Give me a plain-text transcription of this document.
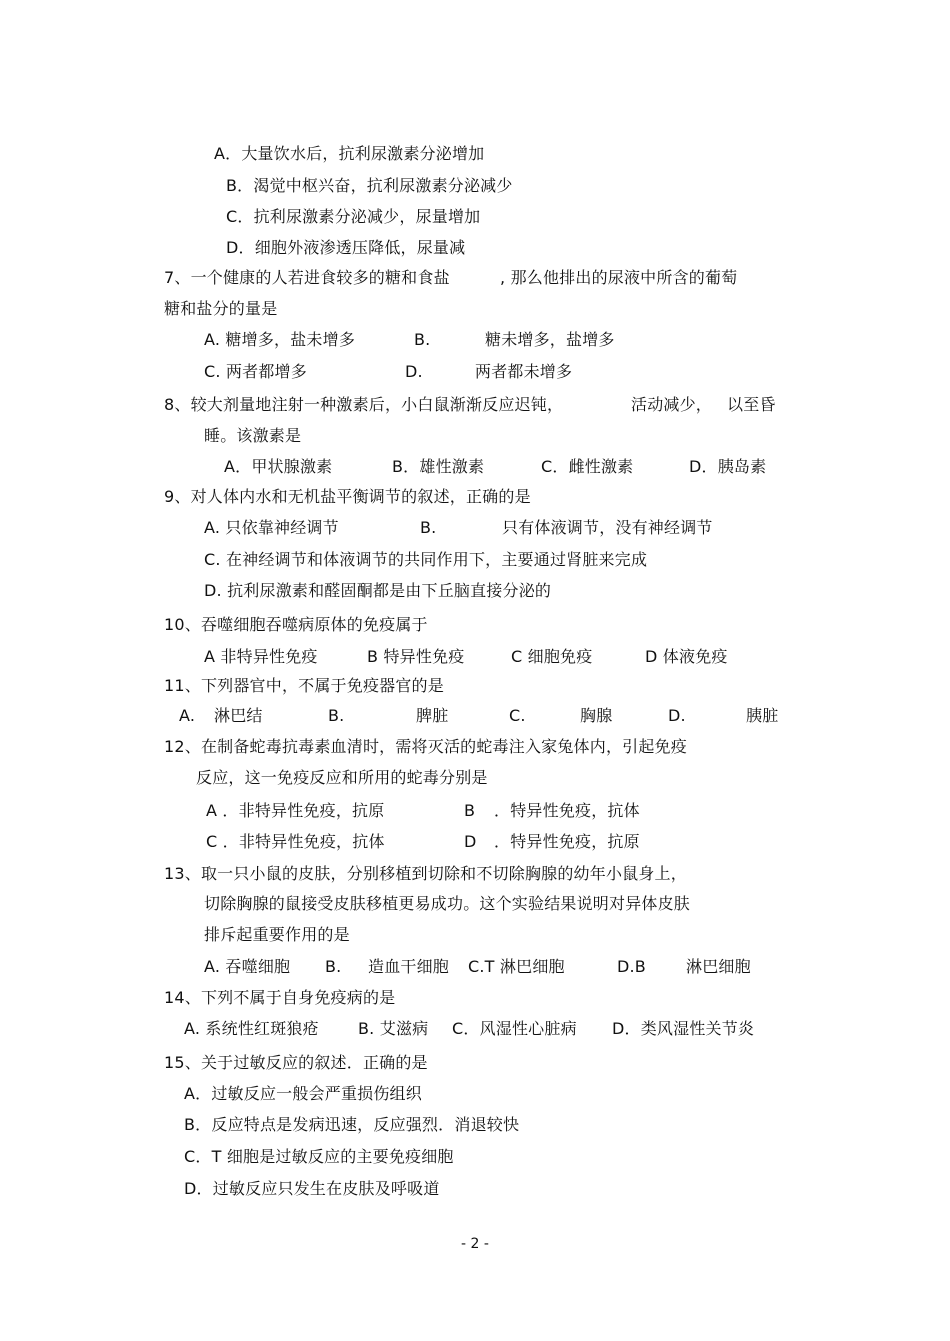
A．大量饮水后，抗利尿激素分泌增加
B．渴觉中枢兴奋，抗利尿激素分泌减少
C．抗利尿激素分泌减少，尿量增加
D．细胞外液渗透压降低，尿量减
7、一个健康的人若进食较多的糖和食盐	, 那么他排出的尿液中所含的葡萄
糖和盐分的量是
A. 糖增多，盐未增多	B.	糖未增多，盐增多
C. 两者都增多	D.	两者都未增多
8、较大剂量地注射一种激素后，小白鼠渐渐反应迟钝，	活动减少， 以至昏
睡。该激素是
A．甲状腺激素	B．雄性激素	C．雌性激素	D．胰岛素
9、对人体内水和无机盐平衡调节的叙述，正确的是
A. 只依靠神经调节	B.	只有体液调节，没有神经调节
C. 在神经调节和体液调节的共同作用下，主要通过肾脏来完成
D. 抗利尿激素和醛固酮都是由下丘脑直接分泌的
10、吞噬细胞吞噬病原体的免疫属于
A 非特异性免疫	B 特异性免疫	C 细胞免疫	D 体液免疫
11、下列器官中，不属于免疫器官的是
A. 淋巴结	B.	脾脏	C.	胸腺	D.	胰脏
12、在制备蛇毒抗毒素血清时，需将灭活的蛇毒注入家兔体内，引起免疫
反应，这一免疫反应和所用的蛇毒分别是
A ．非特异性免疫，抗原	B ．特异性免疫，抗体
C ．非特异性免疫，抗体	D ．特异性免疫，抗原
13、取一只小鼠的皮肤，分别移植到切除和不切除胸腺的幼年小鼠身上，
切除胸腺的鼠接受皮肤移植更易成功。这个实验结果说明对异体皮肤
排斥起重要作用的是
A. 吞噬细胞 B. 造血干细胞 C.T 淋巴细胞	D.B	淋巴细胞
14、下列不属于自身免疫病的是
A. 系统性红斑狼疮 B. 艾滋病 C．风湿性心脏病 D．类风湿性关节炎
15、关于过敏反应的叙述．正确的是
A．过敏反应一般会严重损伤组织
B．反应特点是发病迅速，反应强烈．消退较快
C．T 细胞是过敏反应的主要免疫细胞
D．过敏反应只发生在皮肤及呼吸道
- 2 -
